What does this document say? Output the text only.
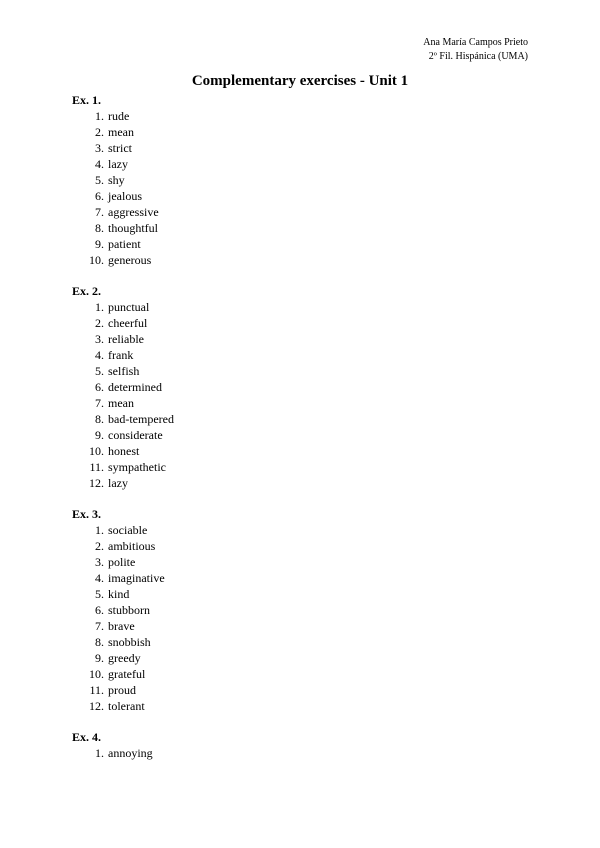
Ana María Campos Prieto
2º Fil. Hispánica (UMA)
Complementary exercises - Unit 1
Ex. 1.
1. rude
2. mean
3. strict
4. lazy
5. shy
6. jealous
7. aggressive
8. thoughtful
9. patient
10. generous
Ex. 2.
1. punctual
2. cheerful
3. reliable
4. frank
5. selfish
6. determined
7. mean
8. bad-tempered
9. considerate
10. honest
11. sympathetic
12. lazy
Ex. 3.
1. sociable
2. ambitious
3. polite
4. imaginative
5. kind
6. stubborn
7. brave
8. snobbish
9. greedy
10. grateful
11. proud
12. tolerant
Ex. 4.
1. annoying
